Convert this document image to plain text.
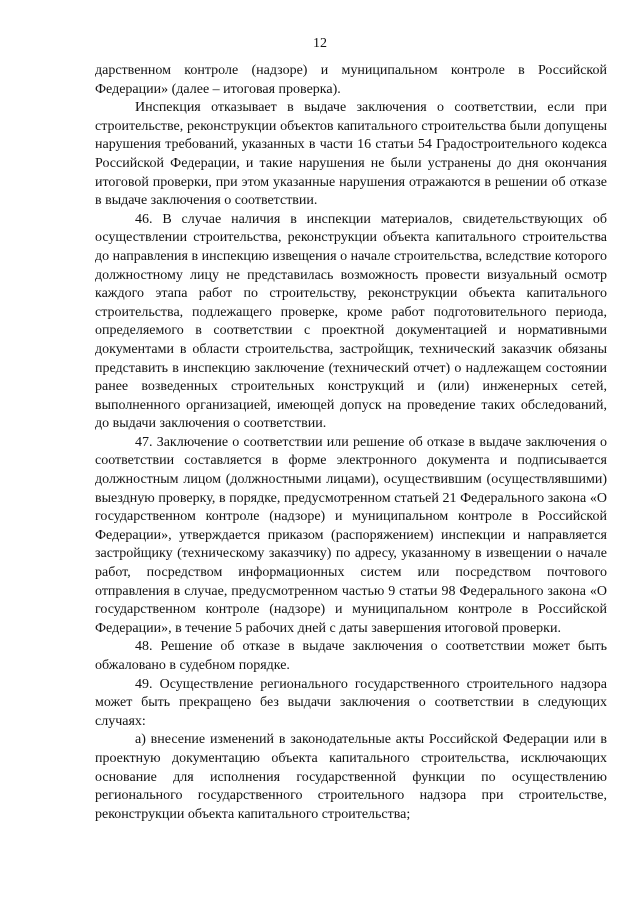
12

дарственном контроле (надзоре) и муниципальном контроле в Российской Федерации» (далее – итоговая проверка).

Инспекция отказывает в выдаче заключения о соответствии, если при строительстве, реконструкции объектов капитального строительства были допущены нарушения требований, указанных в части 16 статьи 54 Градостроительного кодекса Российской Федерации, и такие нарушения не были устранены до дня окончания итоговой проверки, при этом указанные нарушения отражаются в решении об отказе в выдаче заключения о соответствии.

46. В случае наличия в инспекции материалов, свидетельствующих об осуществлении строительства, реконструкции объекта капитального строительства до направления в инспекцию извещения о начале строительства, вследствие которого должностному лицу не представилась возможность провести визуальный осмотр каждого этапа работ по строительству, реконструкции объекта капитального строительства, подлежащего проверке, кроме работ подготовительного периода, определяемого в соответствии с проектной документацией и нормативными документами в области строительства, застройщик, технический заказчик обязаны представить в инспекцию заключение (технический отчет) о надлежащем состоянии ранее возведенных строительных конструкций и (или) инженерных сетей, выполненного организацией, имеющей допуск на проведение таких обследований, до выдачи заключения о соответствии.

47. Заключение о соответствии или решение об отказе в выдаче заключения о соответствии составляется в форме электронного документа и подписывается должностным лицом (должностными лицами), осуществившим (осуществлявшими) выездную проверку, в порядке, предусмотренном статьей 21 Федерального закона «О государственном контроле (надзоре) и муниципальном контроле в Российской Федерации», утверждается приказом (распоряжением) инспекции и направляется застройщику (техническому заказчику) по адресу, указанному в извещении о начале работ, посредством информационных систем или посредством почтового отправления в случае, предусмотренном частью 9 статьи 98 Федерального закона «О государственном контроле (надзоре) и муниципальном контроле в Российской Федерации», в течение 5 рабочих дней с даты завершения итоговой проверки.

48. Решение об отказе в выдаче заключения о соответствии может быть обжаловано в судебном порядке.

49. Осуществление регионального государственного строительного надзора может быть прекращено без выдачи заключения о соответствии в следующих случаях:

а) внесение изменений в законодательные акты Российской Федерации или в проектную документацию объекта капитального строительства, исключающих основание для исполнения государственной функции по осуществлению регионального государственного строительного надзора при строительстве, реконструкции объекта капитального строительства;
